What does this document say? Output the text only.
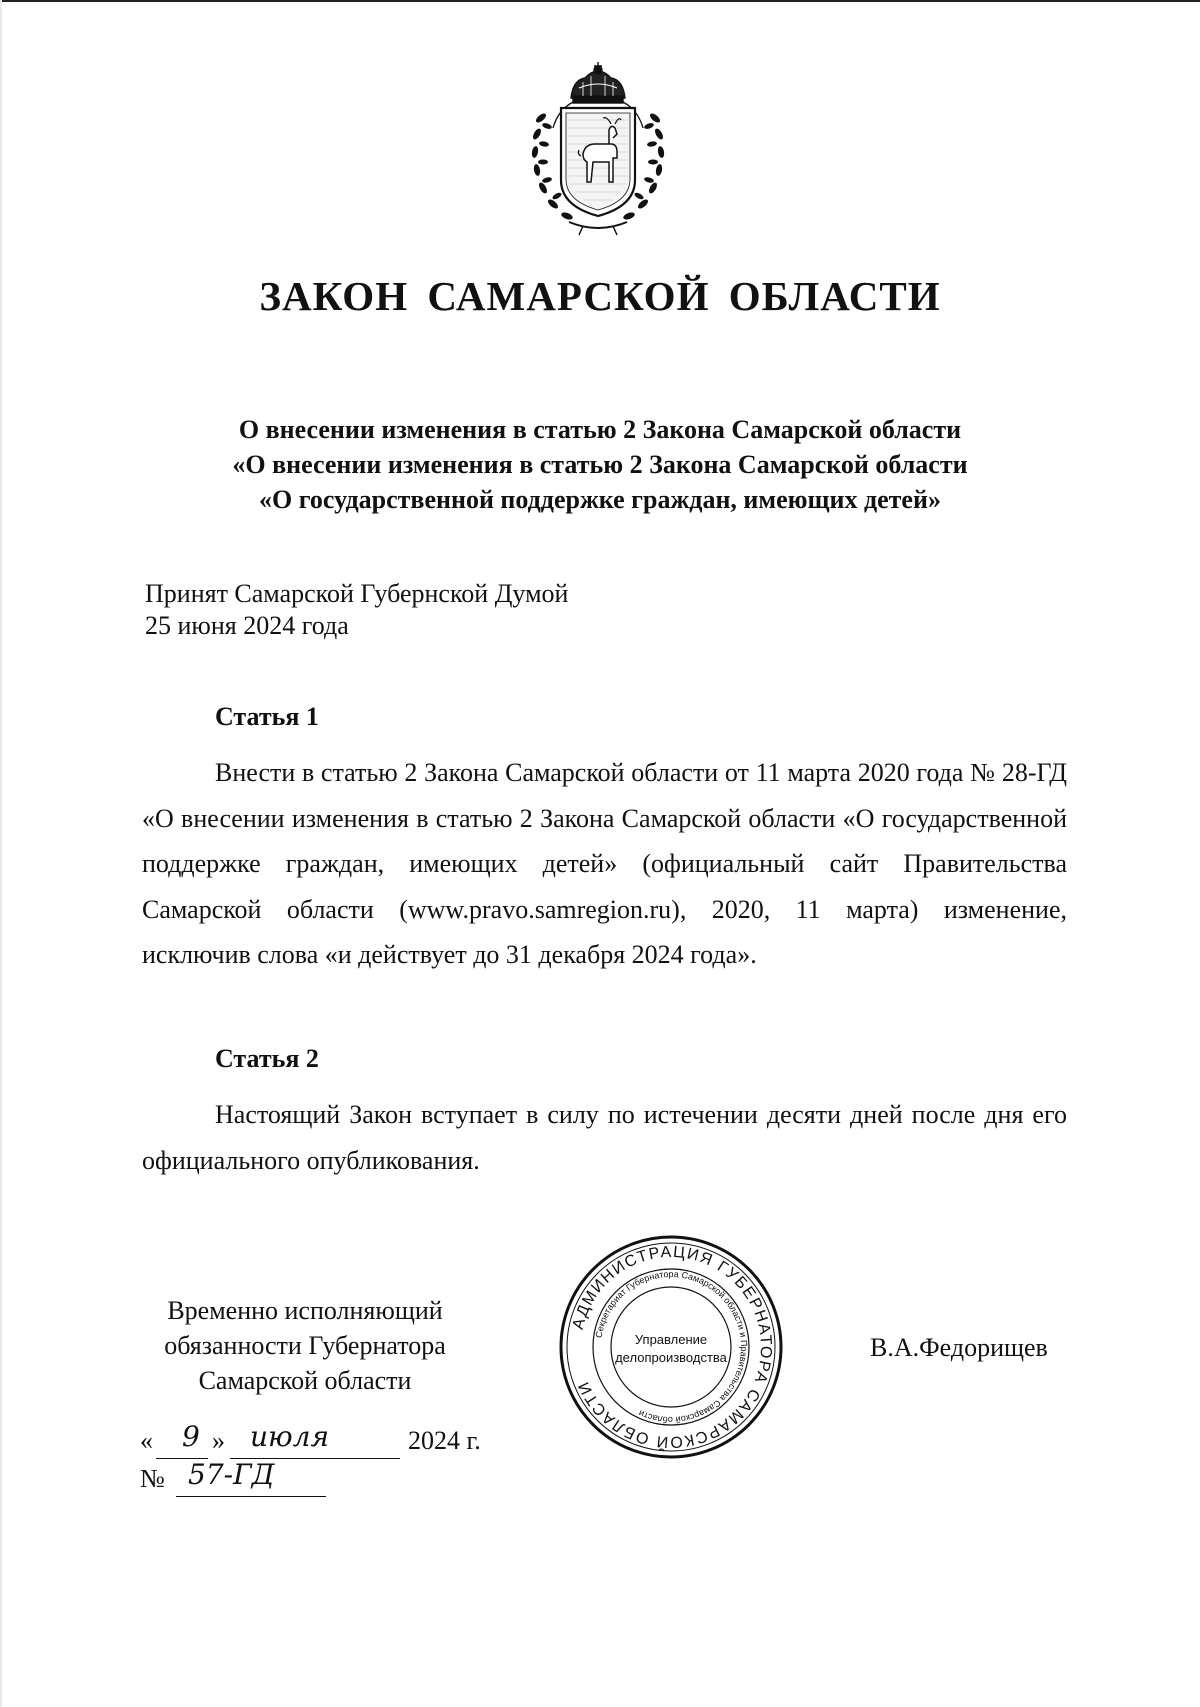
ЗАКОН САМАРСКОЙ ОБЛАСТИ
О внесении изменения в статью 2 Закона Самарской области
«О внесении изменения в статью 2 Закона Самарской области
«О государственной поддержке граждан, имеющих детей»
Принят Самарской Губернской Думой
25 июня 2024 года
Статья 1
Внести в статью 2 Закона Самарской области от 11 марта 2020 года № 28-ГД «О внесении изменения в статью 2 Закона Самарской области «О государственной поддержке граждан, имеющих детей» (официальный сайт Правительства Самарской области (www.pravo.samregion.ru), 2020, 11 марта) изменение, исключив слова «и действует до 31 декабря 2024 года».
Статья 2
Настоящий Закон вступает в силу по истечении десяти дней после дня его официального опубликования.
Временно исполняющий
обязанности Губернатора
Самарской области
В.А.Федорищев
АДМИНИСТРАЦИЯ ГУБЕРНАТОРА САМАРСКОЙ ОБЛАСТИ
Секретариат Губернатора Самарской области и Правительства Самарской области
Управление
делопроизводства
« 9 » июля	2024 г.
№ 57-ГД
